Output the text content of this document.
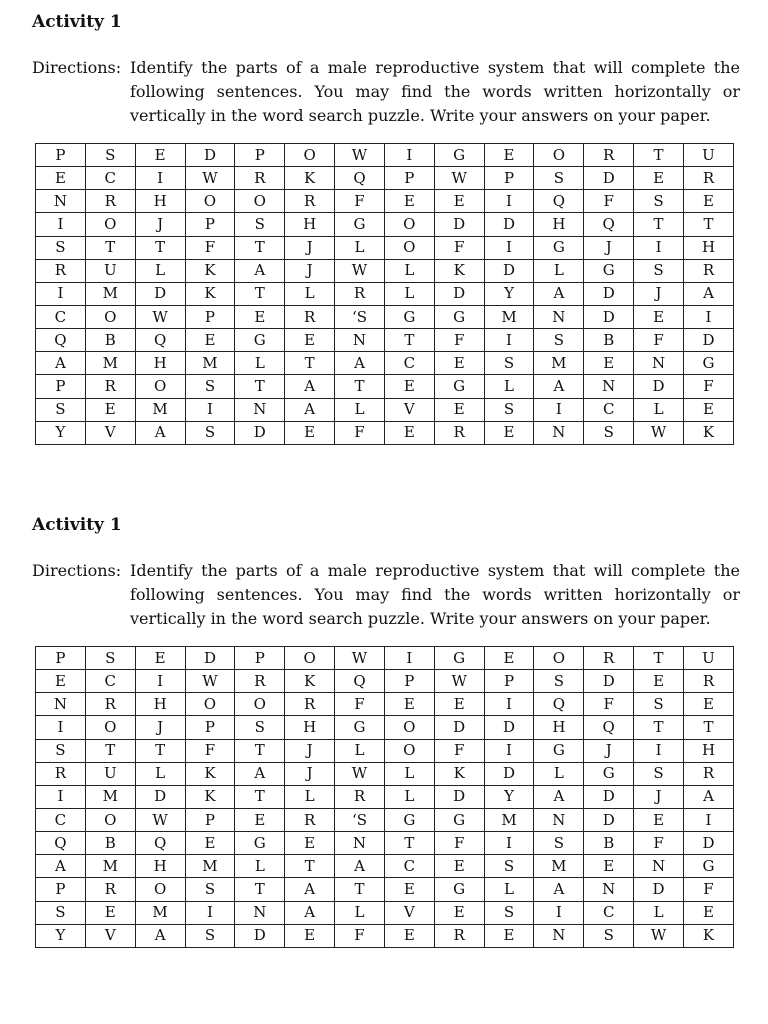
Activity 1
Directions: Identify the parts of a male reproductive system that will complete the following sentences. You may find the words written horizontally or vertically in the word search puzzle. Write your answers on your paper.
P	S	E	D	P	O	W	I	G	E	O	R	T	U
E	C	I	W	R	K	Q	P	W	P	S	D	E	R
N	R	H	O	O	R	F	E	E	I	Q	F	S	E
I	O	J	P	S	H	G	O	D	D	H	Q	T	T
S	T	T	F	T	J	L	O	F	I	G	J	I	H
R	U	L	K	A	J	W	L	K	D	L	G	S	R
I	M	D	K	T	L	R	L	D	Y	A	D	J	A
C	O	W	P	E	R	‘S	G	G	M	N	D	E	I
Q	B	Q	E	G	E	N	T	F	I	S	B	F	D
A	M	H	M	L	T	A	C	E	S	M	E	N	G
P	R	O	S	T	A	T	E	G	L	A	N	D	F
S	E	M	I	N	A	L	V	E	S	I	C	L	E
Y	V	A	S	D	E	F	E	R	E	N	S	W	K
Activity 1
Directions: Identify the parts of a male reproductive system that will complete the following sentences. You may find the words written horizontally or vertically in the word search puzzle. Write your answers on your paper.
P	S	E	D	P	O	W	I	G	E	O	R	T	U
E	C	I	W	R	K	Q	P	W	P	S	D	E	R
N	R	H	O	O	R	F	E	E	I	Q	F	S	E
I	O	J	P	S	H	G	O	D	D	H	Q	T	T
S	T	T	F	T	J	L	O	F	I	G	J	I	H
R	U	L	K	A	J	W	L	K	D	L	G	S	R
I	M	D	K	T	L	R	L	D	Y	A	D	J	A
C	O	W	P	E	R	‘S	G	G	M	N	D	E	I
Q	B	Q	E	G	E	N	T	F	I	S	B	F	D
A	M	H	M	L	T	A	C	E	S	M	E	N	G
P	R	O	S	T	A	T	E	G	L	A	N	D	F
S	E	M	I	N	A	L	V	E	S	I	C	L	E
Y	V	A	S	D	E	F	E	R	E	N	S	W	K
